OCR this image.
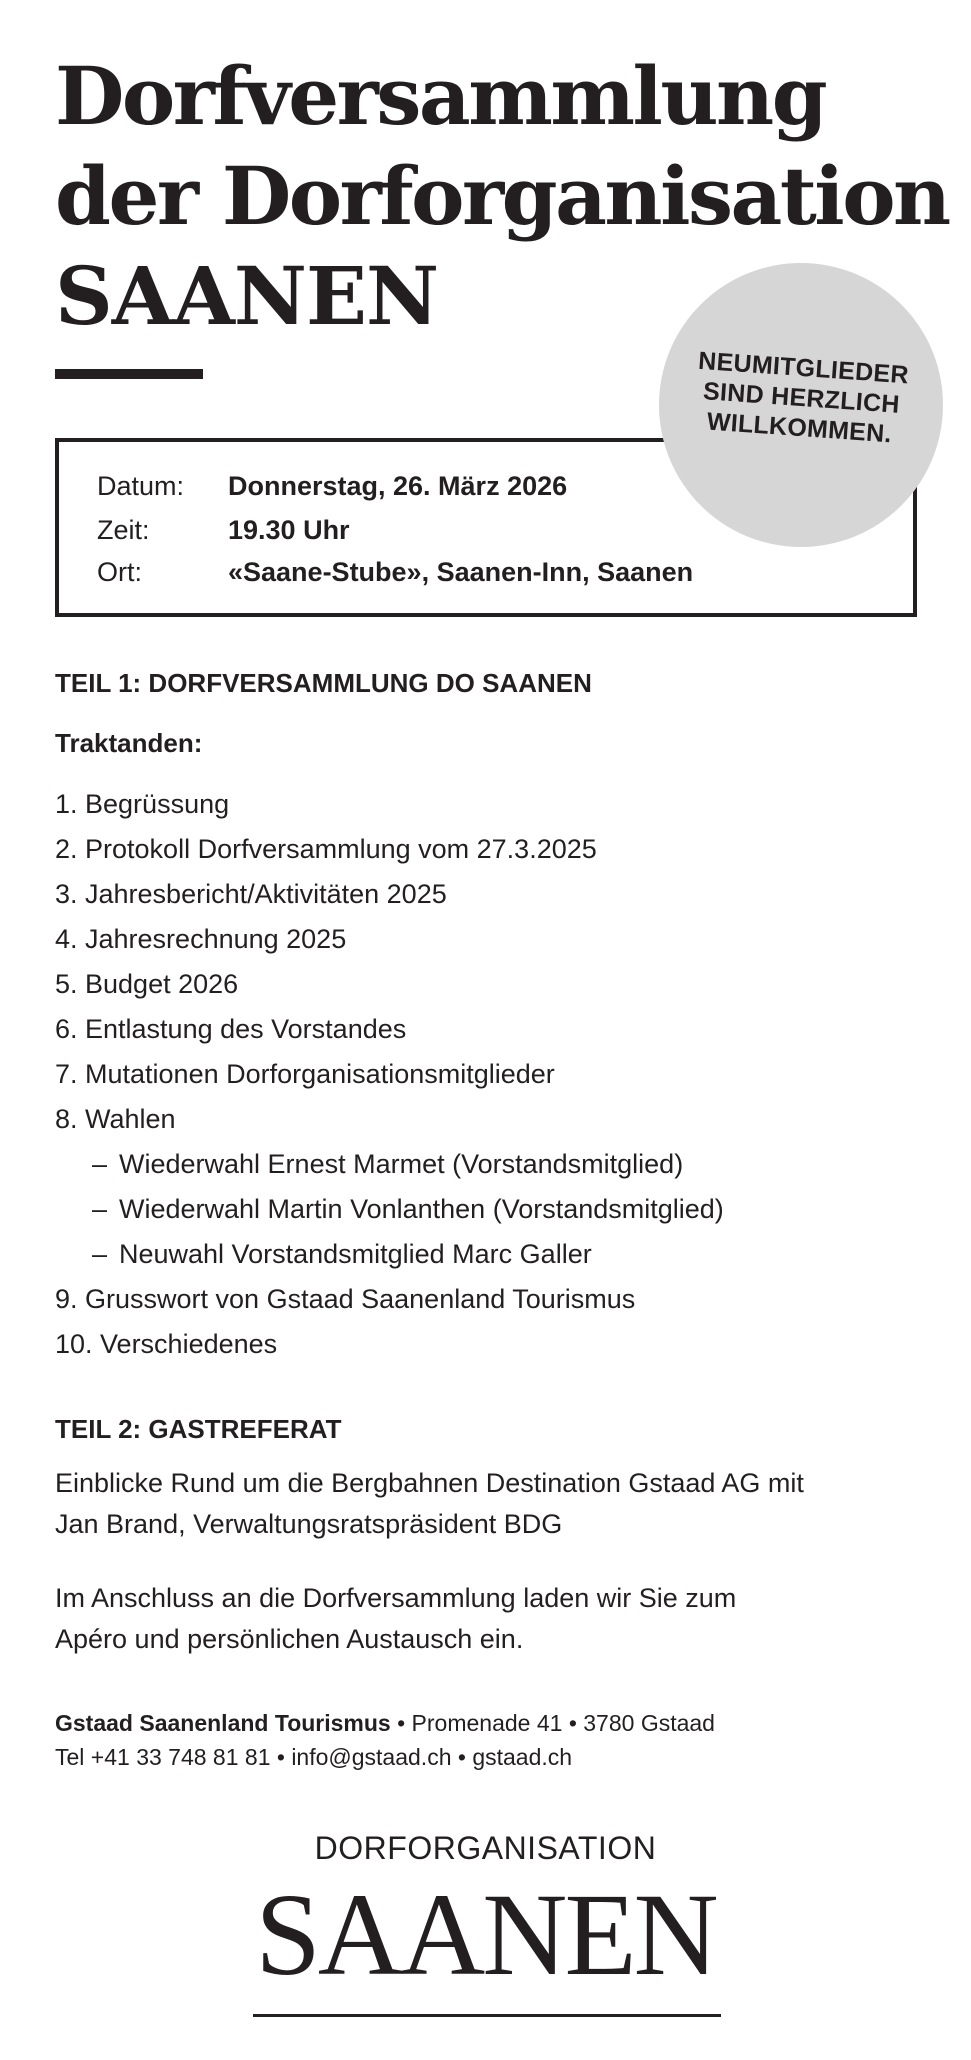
Dorfversammlung
der Dorforganisation
SAANEN
Datum: Donnerstag, 26. März 2026
Zeit:	19.30 Uhr
Ort:	«Saane-Stube», Saanen-Inn, Saanen
NEUMITGLIEDER
SIND HERZLICH
WILLKOMMEN.
TEIL 1: DORFVERSAMMLUNG DO SAANEN
Traktanden:
1. Begrüssung
2. Protokoll Dorfversammlung vom 27.3.2025
3. Jahresbericht/Aktivitäten 2025
4. Jahresrechnung 2025
5. Budget 2026
6. Entlastung des Vorstandes
7. Mutationen Dorforganisationsmitglieder
8. Wahlen
– Wiederwahl Ernest Marmet (Vorstandsmitglied)
– Wiederwahl Martin Vonlanthen (Vorstandsmitglied)
– Neuwahl Vorstandsmitglied Marc Galler
9. Grusswort von Gstaad Saanenland Tourismus
10. Verschiedenes
TEIL 2: GASTREFERAT
Einblicke Rund um die Bergbahnen Destination Gstaad AG mit
Jan Brand, Verwaltungsratspräsident BDG
Im Anschluss an die Dorfversammlung laden wir Sie zum
Apéro und persönlichen Austausch ein.
Gstaad Saanenland Tourismus • Promenade 41 • 3780 Gstaad
Tel +41 33 748 81 81 • info@gstaad.ch • gstaad.ch
DORFORGANISATION
SAANEN
